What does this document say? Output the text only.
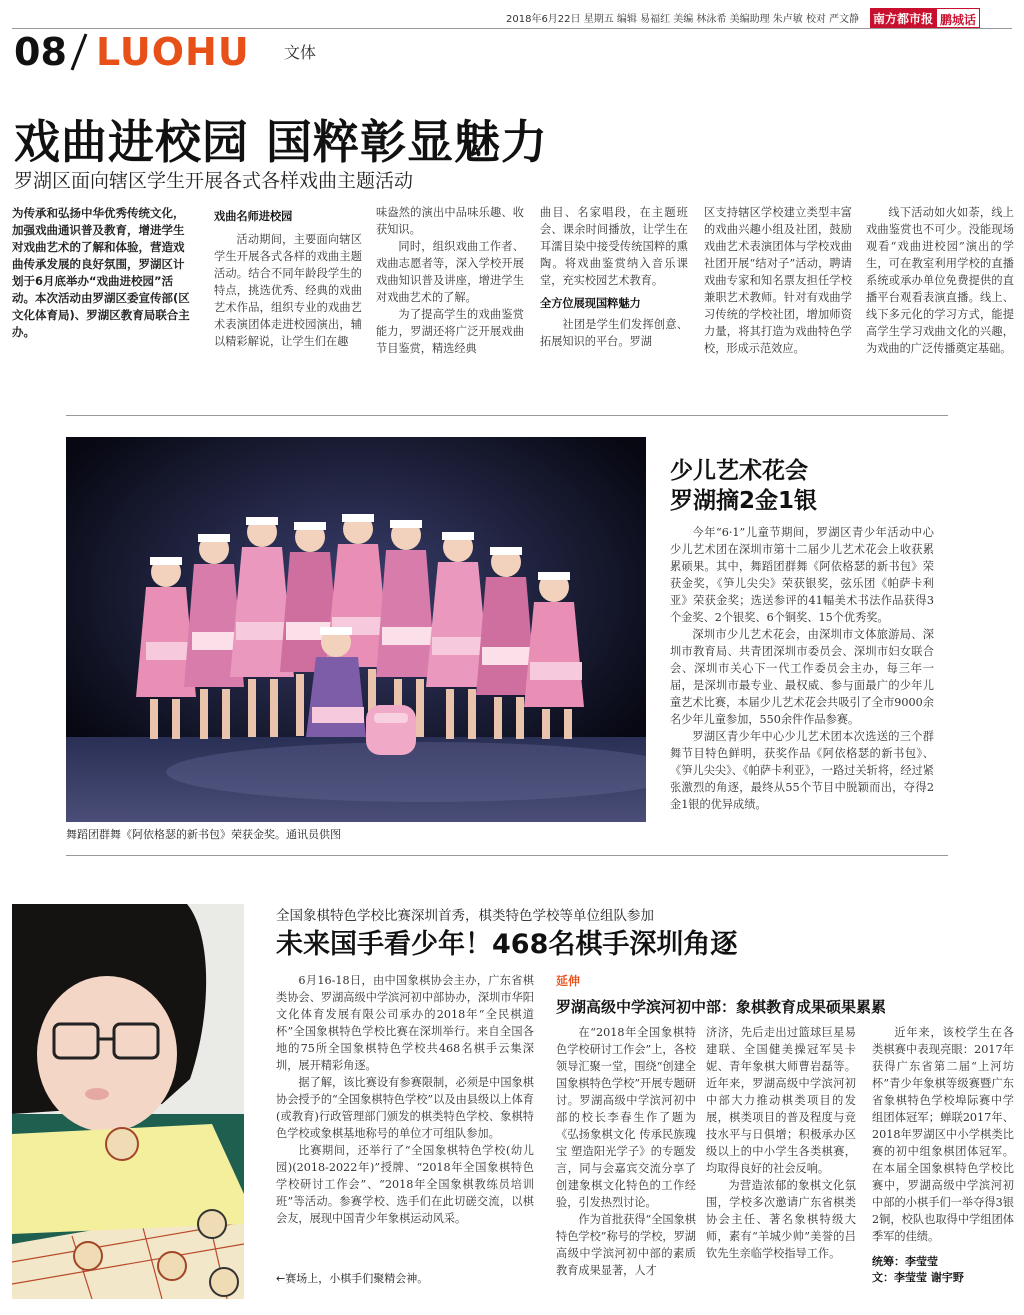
2018年6月22日 星期五 编辑 易福红 美编 林泳希 美编助理 朱卢敏 校对 严文静	南方都市报 鹏城话
08 LUOHU 文体
戏曲进校园 国粹彰显魅力
罗湖区面向辖区学生开展各式各样戏曲主题活动
为传承和弘扬中华优秀传统文化，加强戏曲通识普及教育，增进学生对戏曲艺术的了解和体验，营造戏曲传承发展的良好氛围，罗湖区计划于6月底举办“戏曲进校园”活动。本次活动由罗湖区委宣传部(区文化体育局)、罗湖区教育局联合主办。
戏曲名师进校园

活动期间，主要面向辖区学生开展各式各样的戏曲主题活动。结合不同年龄段学生的特点，挑选优秀、经典的戏曲艺术作品，组织专业的戏曲艺术表演团体走进校园演出，辅以精彩解说，让学生们在趣

味盎然的演出中品味乐趣、收获知识。

同时，组织戏曲工作者、戏曲志愿者等，深入学校开展戏曲知识普及讲座，增进学生对戏曲艺术的了解。

为了提高学生的戏曲鉴赏能力，罗湖还将广泛开展戏曲节目鉴赏，精选经典

曲目、名家唱段，在主题班会、课余时间播放，让学生在耳濡目染中接受传统国粹的熏陶。将戏曲鉴赏纳入音乐课堂，充实校园艺术教育。
全方位展现国粹魅力

社团是学生们发挥创意、拓展知识的平台。罗湖

区支持辖区学校建立类型丰富的戏曲兴趣小组及社团，鼓励戏曲艺术表演团体与学校戏曲社团开展“结对子”活动，聘请戏曲专家和知名票友担任学校兼职艺术教师。针对有戏曲学习传统的学校社团，增加师资力量，将其打造为戏曲特色学校，形成示范效应。

线下活动如火如荼，线上戏曲鉴赏也不可少。没能现场观看“戏曲进校园”演出的学生，可在教室利用学校的直播系统或承办单位免费提供的直播平台观看表演直播。线上、线下多元化的学习方式，能提高学生学习戏曲文化的兴趣，为戏曲的广泛传播奠定基础。

舞蹈团群舞《阿依格瑟的新书包》荣获金奖。通讯员供图
少儿艺术花会
罗湖摘2金1银

今年“6·1”儿童节期间，罗湖区青少年活动中心少儿艺术团在深圳市第十二届少儿艺术花会上收获累累硕果。其中，舞蹈团群舞《阿依格瑟的新书包》荣获金奖，《笋儿尖尖》荣获银奖，弦乐团《帕萨卡利亚》荣获金奖；选送参评的41幅美术书法作品获得3个金奖、2个银奖、6个铜奖、15个优秀奖。

深圳市少儿艺术花会，由深圳市文体旅游局、深圳市教育局、共青团深圳市委员会、深圳市妇女联合会、深圳市关心下一代工作委员会主办，每三年一届，是深圳市最专业、最权威、参与面最广的少年儿童艺术比赛，本届少儿艺术花会共吸引了全市9000余名少年儿童参加，550余件作品参赛。

罗湖区青少年中心少儿艺术团本次选送的三个群舞节目特色鲜明，获奖作品《阿依格瑟的新书包》、《笋儿尖尖》、《帕萨卡利亚》，一路过关斩将，经过紧张激烈的角逐，最终从55个节目中脱颖而出，夺得2金1银的优异成绩。

全国象棋特色学校比赛深圳首秀，棋类特色学校等单位组队参加
未来国手看少年！468名棋手深圳角逐

6月16-18日，由中国象棋协会主办，广东省棋类协会、罗湖高级中学滨河初中部协办，深圳市华阳文化体育发展有限公司承办的2018年“全民棋道杯”全国象棋特色学校比赛在深圳举行。来自全国各地的75所全国象棋特色学校共468名棋手云集深圳，展开精彩角逐。

据了解，该比赛设有参赛限制，必须是中国象棋协会授予的“全国象棋特色学校”以及由县级以上体育(或教育)行政管理部门颁发的棋类特色学校、象棋特色学校或象棋基地称号的单位才可组队参加。

比赛期间，还举行了“全国象棋特色学校(幼儿园)(2018-2022年)”授牌、“2018年全国象棋特色学校研讨工作会”、“2018年全国象棋教练员培训班”等活动。参赛学校、选手们在此切磋交流，以棋会友，展现中国青少年象棋运动风采。

←赛场上，小棋手们聚精会神。
延伸
罗湖高级中学滨河初中部：象棋教育成果硕果累累

在“2018年全国象棋特色学校研讨工作会”上，各校领导汇聚一堂，围绕“创建全国象棋特色学校”开展专题研讨。罗湖高级中学滨河初中部的校长李春生作了题为《弘扬象棋文化 传承民族瑰宝 塑造阳光学子》的专题发言，同与会嘉宾交流分享了创建象棋文化特色的工作经验，引发热烈讨论。

作为首批获得“全国象棋特色学校”称号的学校，罗湖高级中学滨河初中部的素质教育成果显著，人才

济济，先后走出过篮球巨星易建联、全国健美操冠军吴卡妮、青年象棋大师曹岩磊等。近年来，罗湖高级中学滨河初中部大力推动棋类项目的发展，棋类项目的普及程度与竞技水平与日俱增；积极承办区级以上的中小学生各类棋赛，均取得良好的社会反响。

为营造浓郁的象棋文化氛围，学校多次邀请广东省棋类协会主任、著名象棋特级大师，素有“羊城少帅”美誉的吕钦先生亲临学校指导工作。

近年来，该校学生在各类棋赛中表现亮眼：2017年获得广东省第二届“上河坊杯”青少年象棋等级赛暨广东省象棋特色学校埠际赛中学组团体冠军；蝉联2017年、2018年罗湖区中小学棋类比赛的初中组象棋团体冠军。在本届全国象棋特色学校比赛中，罗湖高级中学滨河初中部的小棋手们一举夺得3银2铜，校队也取得中学组团体季军的佳绩。

统筹：李莹莹
文：李莹莹 谢宇野
